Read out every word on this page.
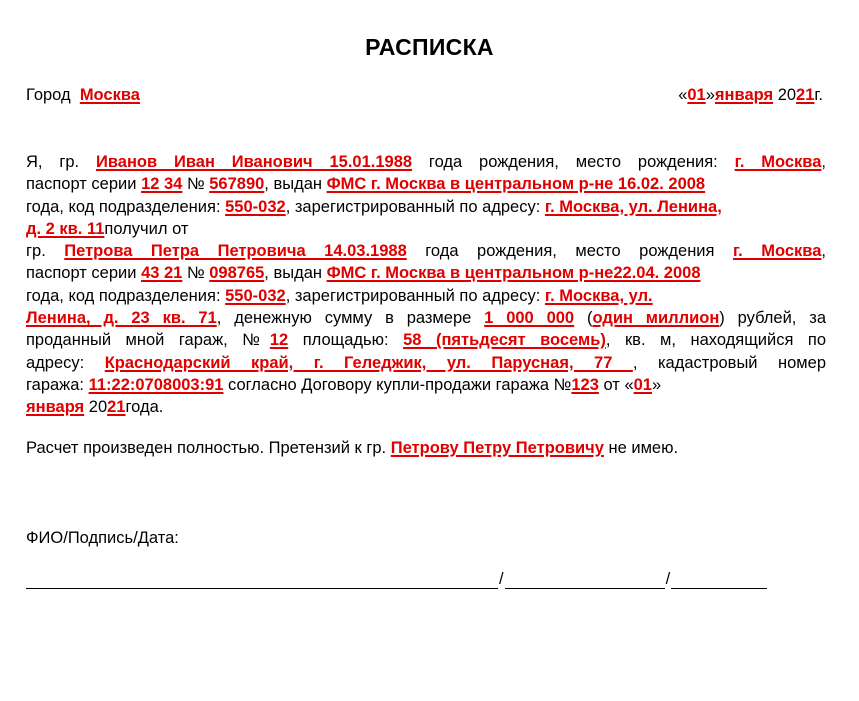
РАСПИСКА
Город Москва	«01»января 2021г.
Я, гр. Иванов Иван Иванович 15.01.1988 года рождения, место рождения: г. Москва,
паспорт серии 12 34 № 567890, выдан ФМС г. Москва в центральном р-не 16.02. 2008
года, код подразделения: 550-032, зарегистрированный по адресу: г. Москва, ул. Ленина,
д. 2 кв. 11получил от
гр. Петрова Петра Петровича 14.03.1988 года рождения, место рождения г. Москва,
паспорт серии 43 21 № 098765, выдан ФМС г. Москва в центральном р-не22.04. 2008
года, код подразделения: 550-032, зарегистрированный по адресу: г. Москва, ул.
Ленина, д. 23 кв. 71, денежную сумму в размере 1 000 000 (один миллион) рублей, за
проданный мной гараж, №12 площадью: 58 (пятьдесят восемь), кв. м, находящийся по
адресу: Краснодарский край, г. Геледжик, ул. Парусная, 77 , кадастровый номер
гаража: 11:22:0708003:91 согласно Договору купли-продажи гаража №123 от «01»
января 2021года.
Расчет произведен полностью. Претензий к гр. Петрову Петру Петровичу не имею.
ФИО/Подпись/Дата:
/	/
